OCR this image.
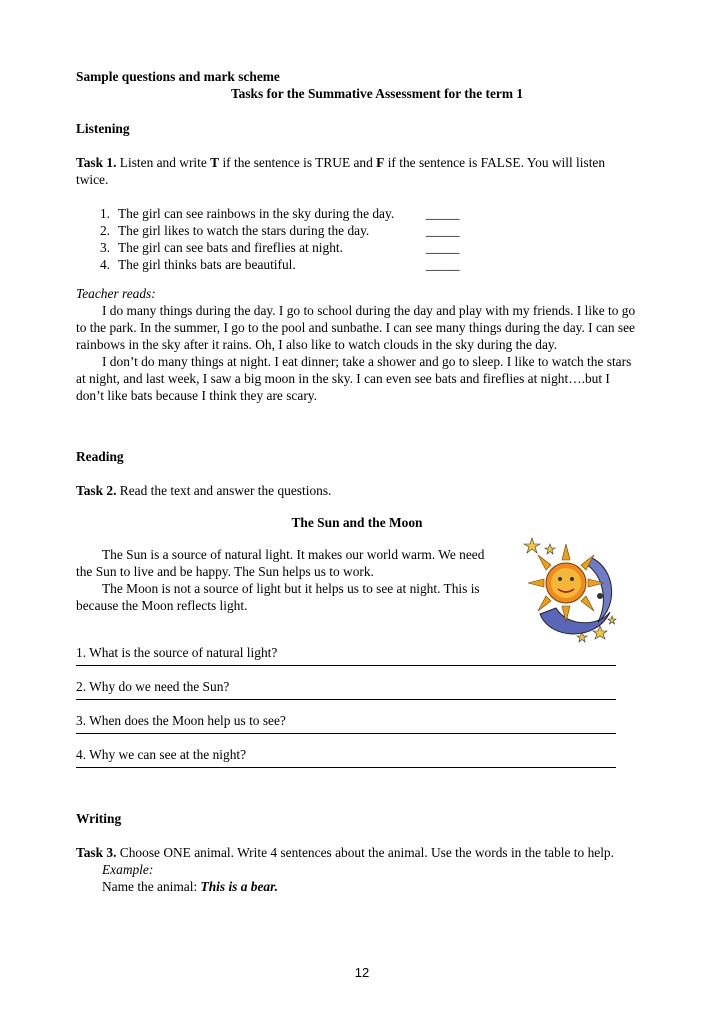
Sample questions and mark scheme

Tasks for the Summative Assessment for the term 1

Listening

Task 1. Listen and write T if the sentence is TRUE and F if the sentence is FALSE. You will listen twice.

1. The girl can see rainbows in the sky during the day.	_____
2. The girl likes to watch the stars during the day.	_____
3. The girl can see bats and fireflies at night.	_____
4. The girl thinks bats are beautiful.	_____

Teacher reads:

I do many things during the day. I go to school during the day and play with my friends. I like to go to the park. In the summer, I go to the pool and sunbathe. I can see many things during the day. I can see rainbows in the sky after it rains. Oh, I also like to watch clouds in the sky during the day.

I don’t do many things at night. I eat dinner; take a shower and go to sleep. I like to watch the stars at night, and last week, I saw a big moon in the sky. I can even see bats and fireflies at night….but I don’t like bats because I think they are scary.

Reading

Task 2. Read the text and answer the questions.

The Sun and the Moon

The Sun is a source of natural light. It makes our world warm. We need the Sun to live and be happy. The Sun helps us to work.

The Moon is not a source of light but it helps us to see at night. This is because the Moon reflects light.

1. What is the source of natural light?
2. Why do we need the Sun?
3. When does the Moon help us to see?
4. Why we can see at the night?

Writing

Task 3. Choose ONE animal. Write 4 sentences about the animal. Use the words in the table to help.

Example:

Name the animal: This is a bear.

12
